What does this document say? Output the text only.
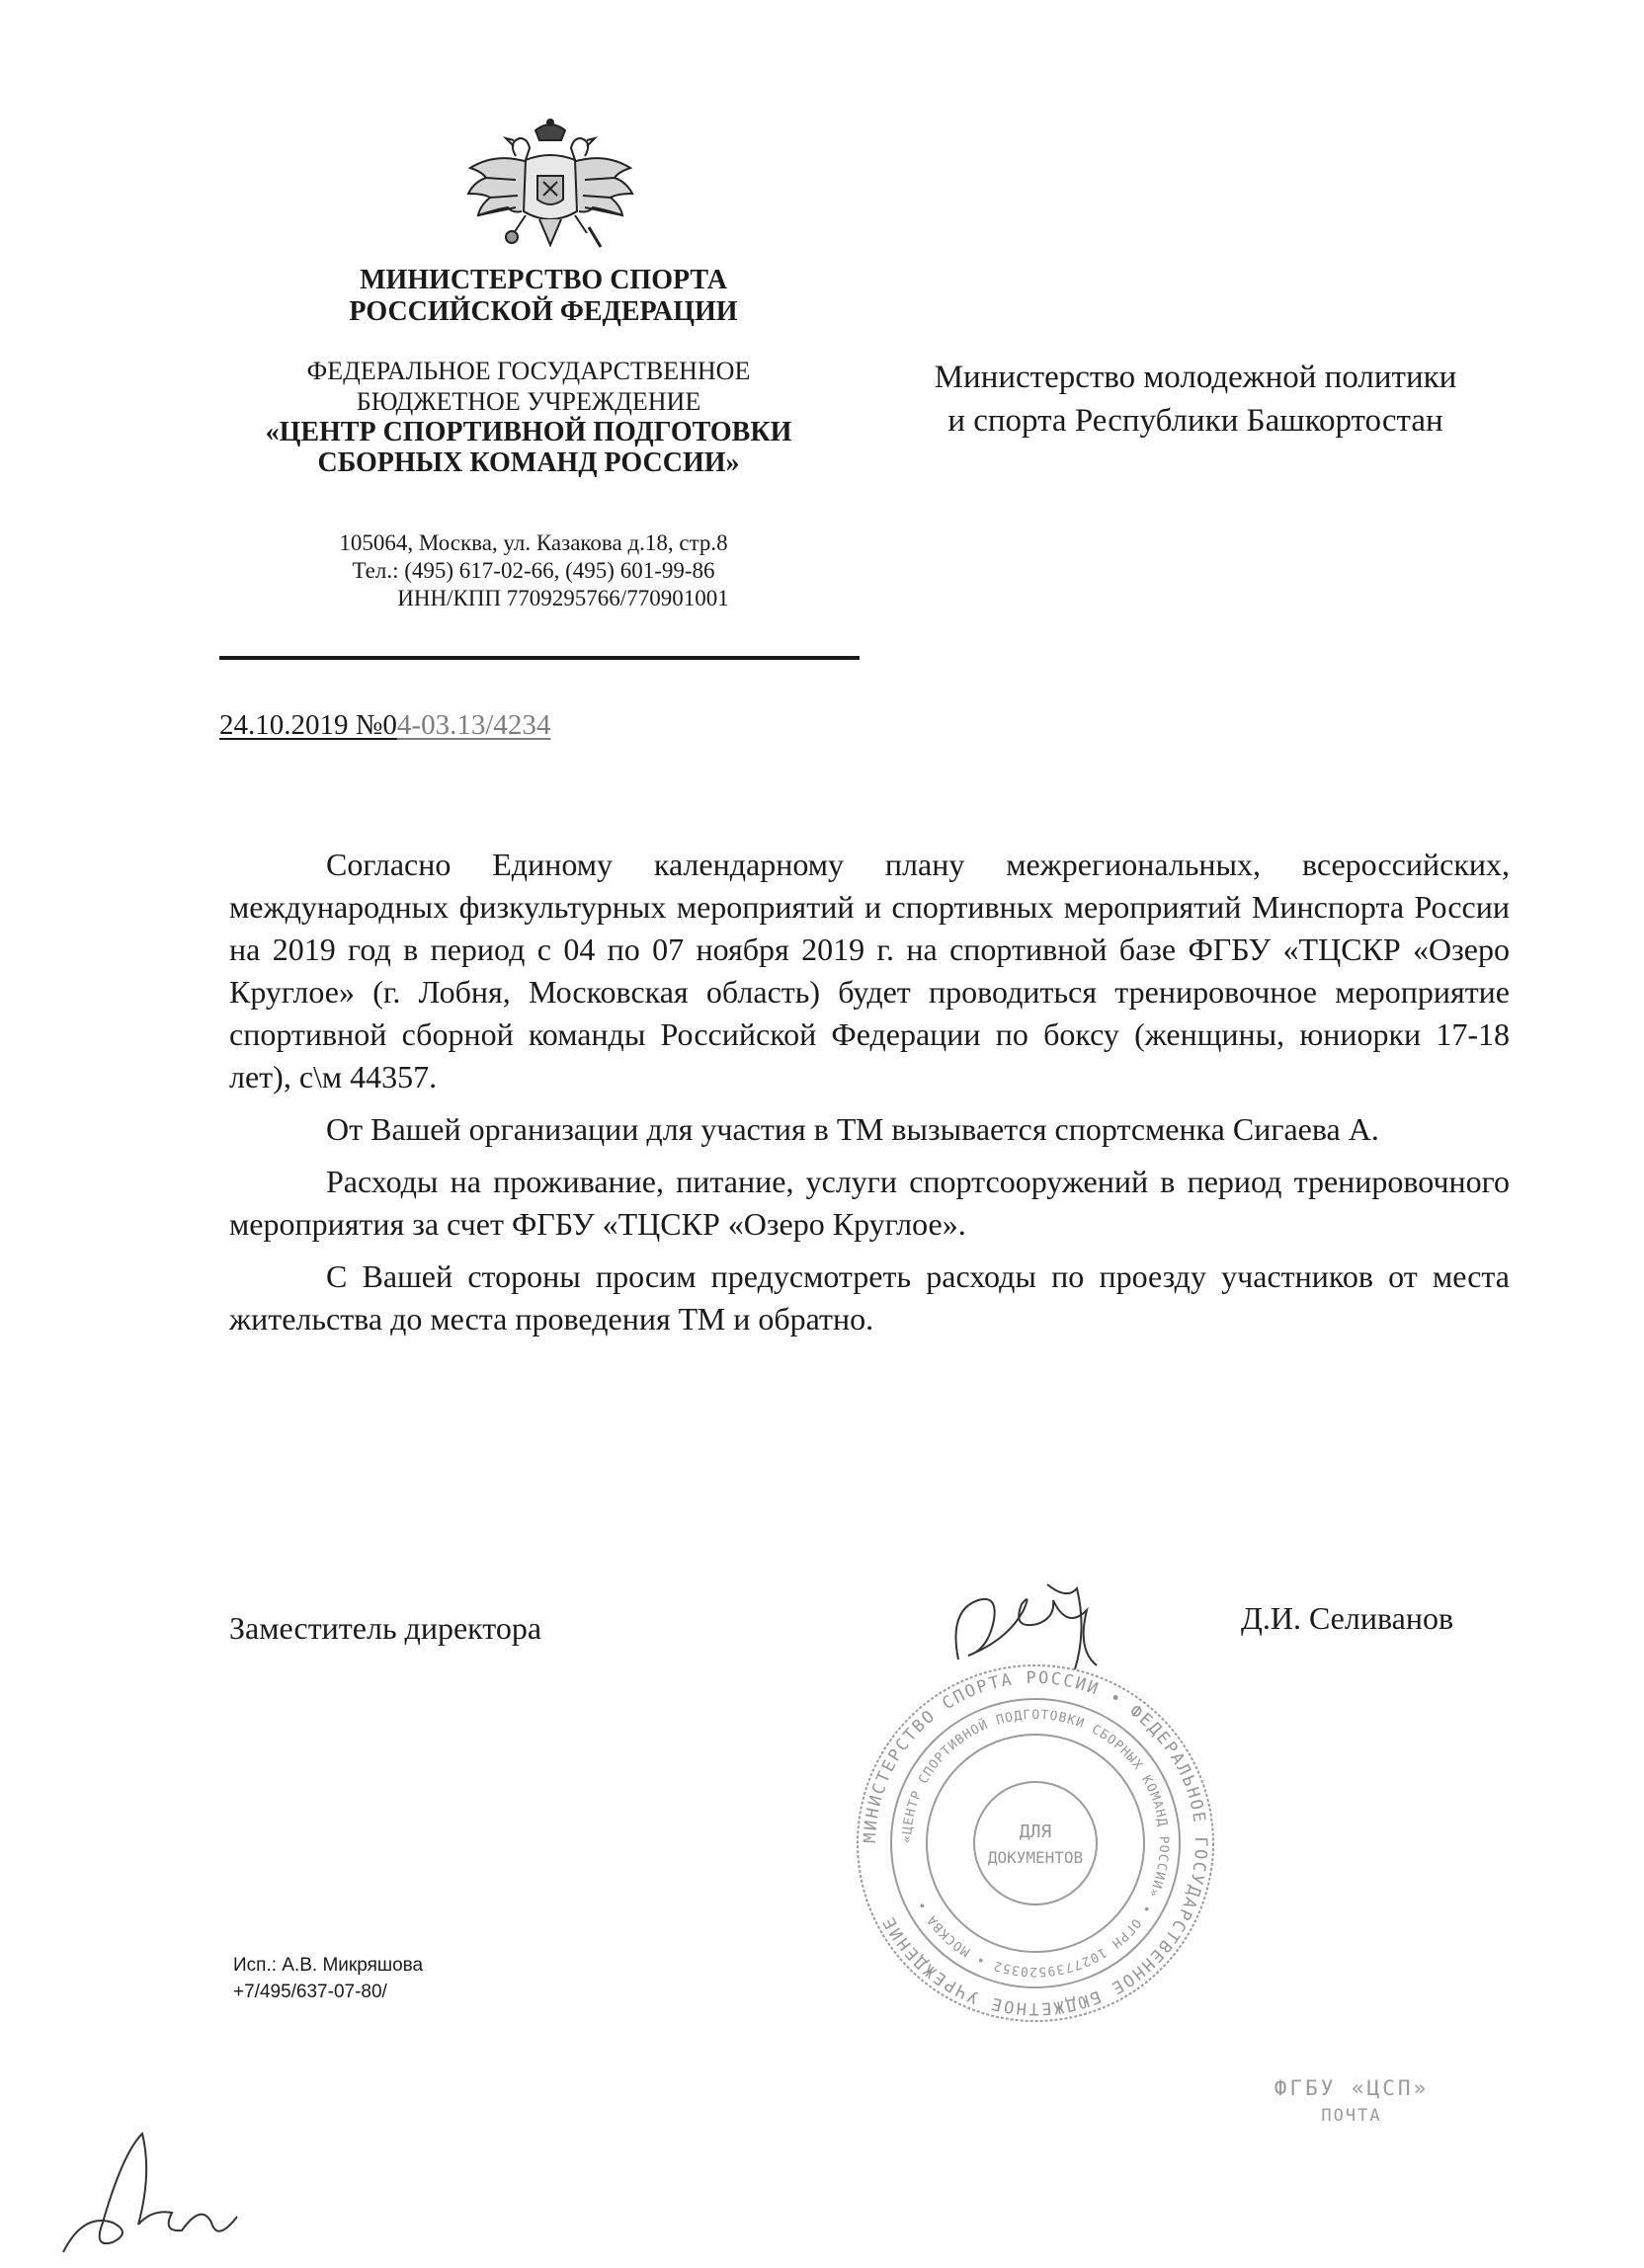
МИНИСТЕРСТВО СПОРТА
РОССИЙСКОЙ ФЕДЕРАЦИИ
ФЕДЕРАЛЬНОЕ ГОСУДАРСТВЕННОЕ
БЮДЖЕТНОЕ УЧРЕЖДЕНИЕ
«ЦЕНТР СПОРТИВНОЙ ПОДГОТОВКИ
СБОРНЫХ КОМАНД РОССИИ»
105064, Москва, ул. Казакова д.18, стр.8
Тел.: (495) 617-02-66, (495) 601-99-86
ИНН/КПП 7709295766/770901001
24.10.2019 №04-03.13/4234
Министерство молодежной политики
и спорта Республики Башкортостан

Согласно Единому календарному плану межрегиональных, всероссийских, международных физкультурных мероприятий и спортивных мероприятий Минспорта России на 2019 год в период с 04 по 07 ноября 2019 г. на спортивной базе ФГБУ «ТЦСКР «Озеро Круглое» (г. Лобня, Московская область) будет проводиться тренировочное мероприятие спортивной сборной команды Российской Федерации по боксу (женщины, юниорки 17-18 лет), с\м 44357.

От Вашей организации для участия в ТМ вызывается спортсменка Сигаева А.

Расходы на проживание, питание, услуги спортсооружений в период тренировочного мероприятия за счет ФГБУ «ТЦСКР «Озеро Круглое».

С Вашей стороны просим предусмотреть расходы по проезду участников от места жительства до места проведения ТМ и обратно.

Заместитель директора	Д.И. Селиванов
МИНИСТЕРСТВО СПОРТА РОССИИ • ФЕДЕРАЛЬНОЕ ГОСУДАРСТВЕННОЕ БЮДЖЕТНОЕ УЧРЕЖДЕНИЕ
«ЦЕНТР СПОРТИВНОЙ ПОДГОТОВКИ СБОРНЫХ КОМАНД РОССИИ» • ОГРН 1027739520352 • МОСКВА •
ДЛЯ
ДОКУМЕНТОВ
Исп.: А.В. Микряшова
+7/495/637-07-80/
ФГБУ «ЦСП»
ПОЧТА
